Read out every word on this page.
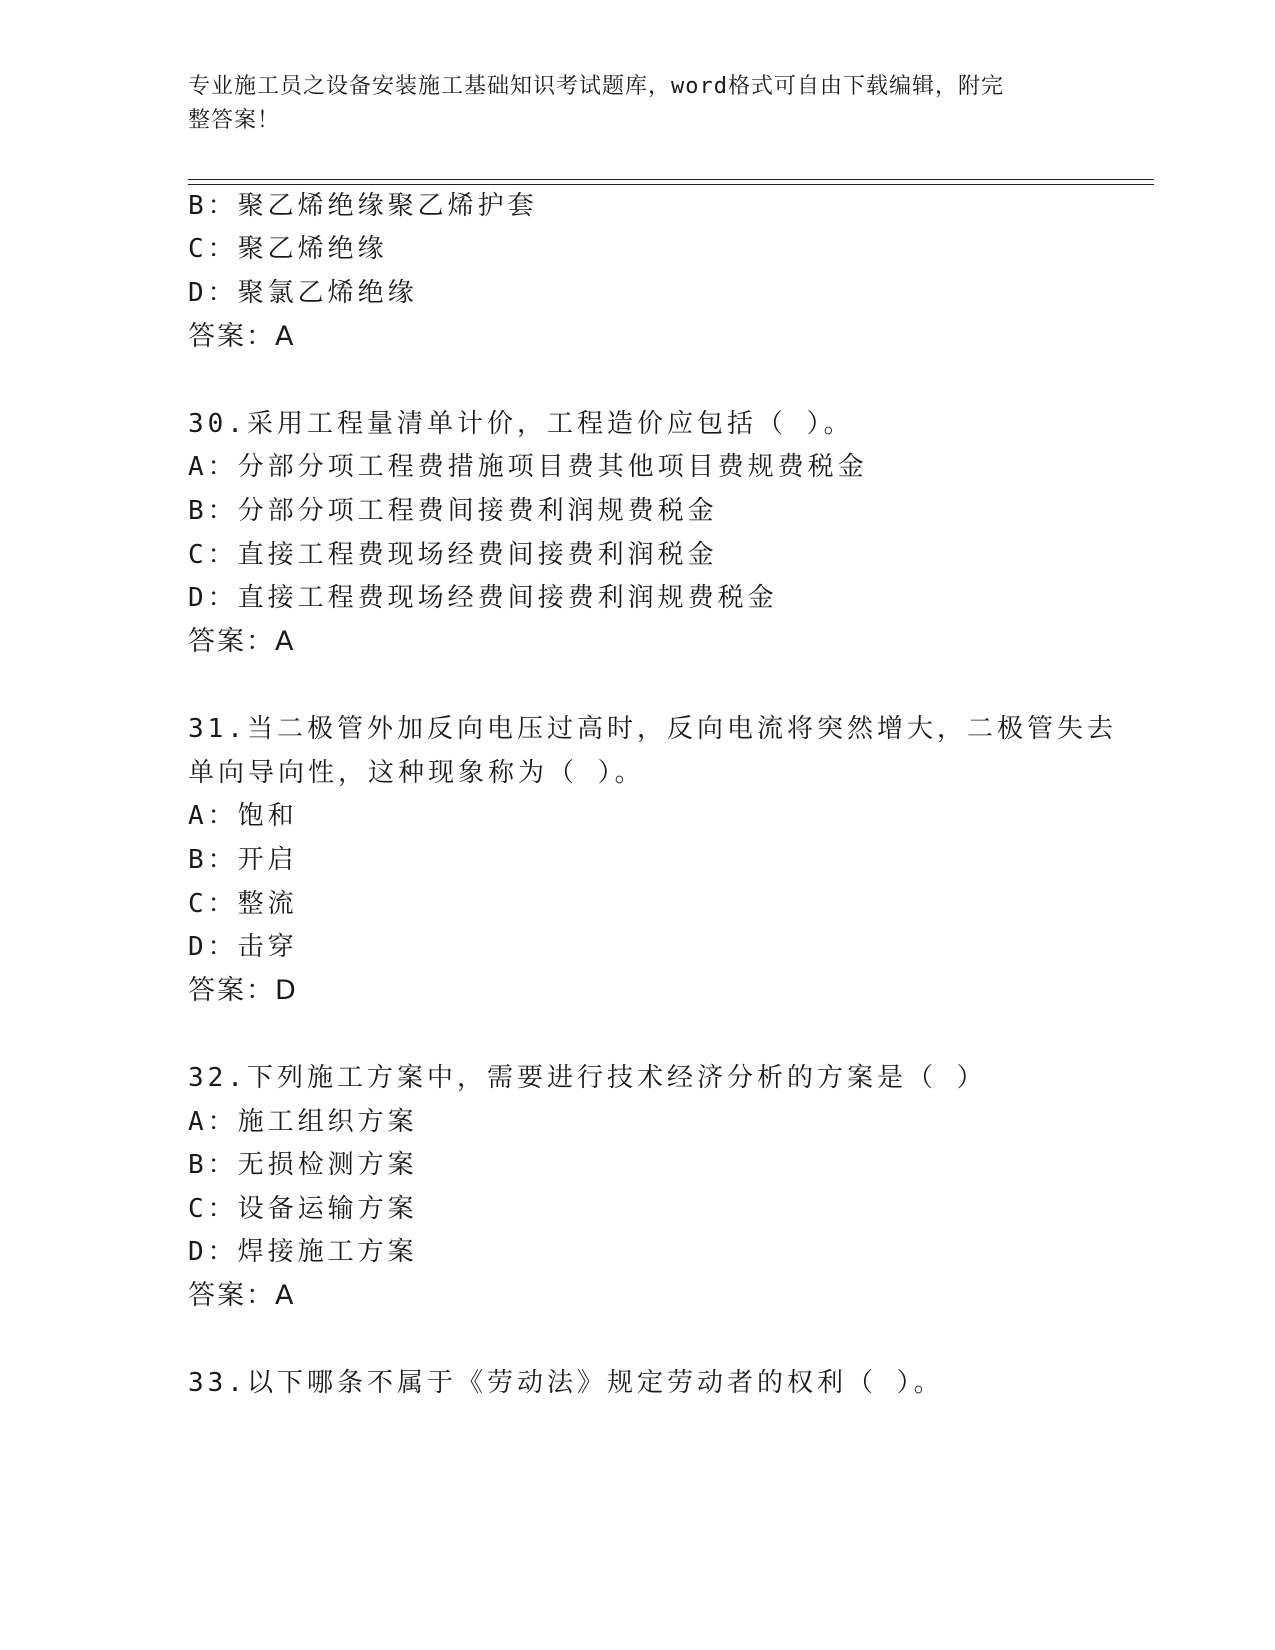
专业施工员之设备安装施工基础知识考试题库，word格式可自由下载编辑，附完
整答案！
B：聚乙烯绝缘聚乙烯护套
C：聚乙烯绝缘
D：聚氯乙烯绝缘
答案：A
30.采用工程量清单计价，工程造价应包括（ ）。
A：分部分项工程费措施项目费其他项目费规费税金
B：分部分项工程费间接费利润规费税金
C：直接工程费现场经费间接费利润税金
D：直接工程费现场经费间接费利润规费税金
答案：A
31.当二极管外加反向电压过高时，反向电流将突然增大，二极管失去
单向导向性，这种现象称为（ ）。
A：饱和
B：开启
C：整流
D：击穿
答案：D
32.下列施工方案中，需要进行技术经济分析的方案是（ ）
A：施工组织方案
B：无损检测方案
C：设备运输方案
D：焊接施工方案
答案：A
33.以下哪条不属于《劳动法》规定劳动者的权利（ ）。
